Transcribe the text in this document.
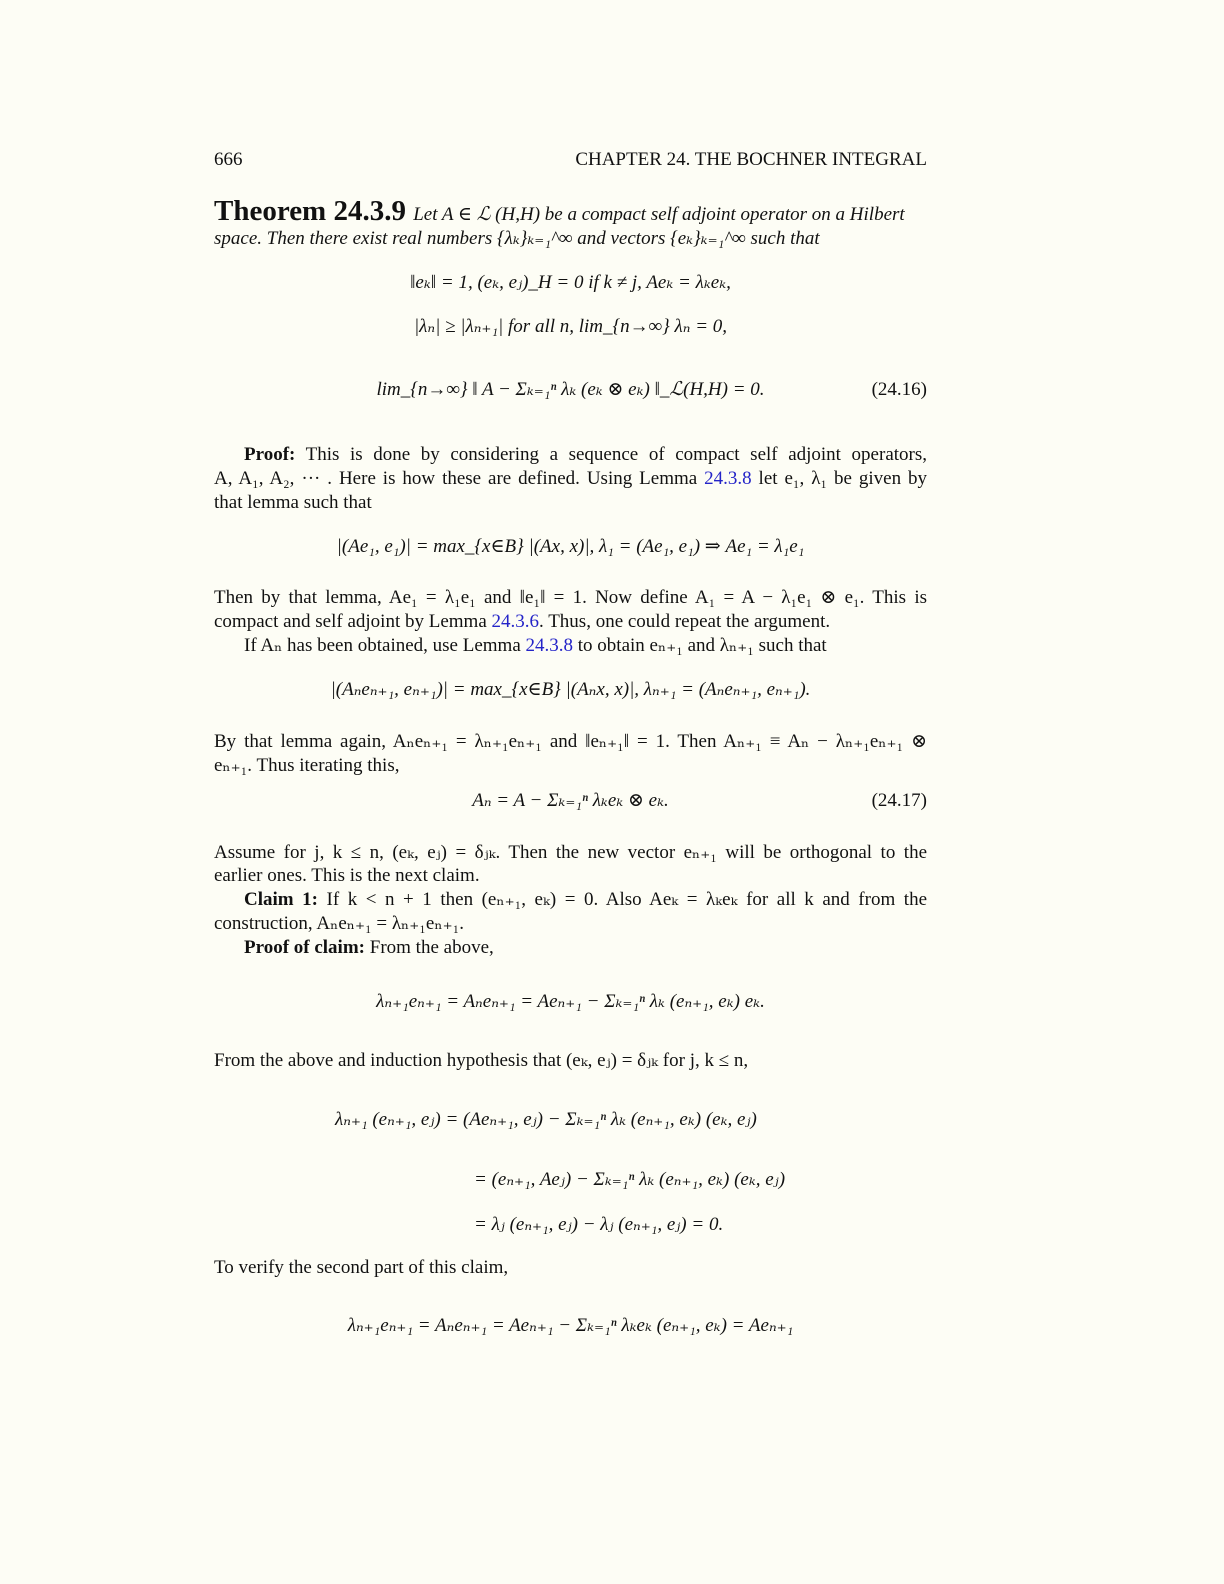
666	CHAPTER 24. THE BOCHNER INTEGRAL
Theorem 24.3.9 Let A ∈ ℒ (H,H) be a compact self adjoint operator on a Hilbert
space. Then there exist real numbers {λₖ}ₖ₌₁^∞ and vectors {eₖ}ₖ₌₁^∞ such that
‖eₖ‖ = 1, (eₖ, eⱼ)_H = 0 if k ≠ j, Aeₖ = λₖeₖ,
|λₙ| ≥ |λₙ₊₁| for all n, lim_{n→∞} λₙ = 0,
lim_{n→∞} ‖ A − Σₖ₌₁ⁿ λₖ (eₖ ⊗ eₖ) ‖_ℒ(H,H) = 0.	(24.16)
Proof: This is done by considering a sequence of compact self adjoint operators,
A, A₁, A₂, ··· . Here is how these are defined. Using Lemma 24.3.8 let e₁, λ₁ be given by
that lemma such that
|(Ae₁, e₁)| = max_{x∈B} |(Ax, x)|, λ₁ = (Ae₁, e₁) ⇒ Ae₁ = λ₁e₁
Then by that lemma, Ae₁ = λ₁e₁ and ‖e₁‖ = 1. Now define A₁ = A − λ₁e₁ ⊗ e₁. This is
compact and self adjoint by Lemma 24.3.6. Thus, one could repeat the argument.
If Aₙ has been obtained, use Lemma 24.3.8 to obtain eₙ₊₁ and λₙ₊₁ such that
|(Aₙeₙ₊₁, eₙ₊₁)| = max_{x∈B} |(Aₙx, x)|, λₙ₊₁ = (Aₙeₙ₊₁, eₙ₊₁).
By that lemma again, Aₙeₙ₊₁ = λₙ₊₁eₙ₊₁ and ‖eₙ₊₁‖ = 1. Then Aₙ₊₁ ≡ Aₙ − λₙ₊₁eₙ₊₁ ⊗
eₙ₊₁. Thus iterating this,
Aₙ = A − Σₖ₌₁ⁿ λₖeₖ ⊗ eₖ.	(24.17)
Assume for j, k ≤ n, (eₖ, eⱼ) = δⱼₖ. Then the new vector eₙ₊₁ will be orthogonal to the
earlier ones. This is the next claim.
Claim 1: If k < n + 1 then (eₙ₊₁, eₖ) = 0. Also Aeₖ = λₖeₖ for all k and from the
construction, Aₙeₙ₊₁ = λₙ₊₁eₙ₊₁.
Proof of claim: From the above,
λₙ₊₁eₙ₊₁ = Aₙeₙ₊₁ = Aeₙ₊₁ − Σₖ₌₁ⁿ λₖ (eₙ₊₁, eₖ) eₖ.
From the above and induction hypothesis that (eₖ, eⱼ) = δⱼₖ for j, k ≤ n,
λₙ₊₁ (eₙ₊₁, eⱼ) = (Aeₙ₊₁, eⱼ) − Σₖ₌₁ⁿ λₖ (eₙ₊₁, eₖ) (eₖ, eⱼ)
= (eₙ₊₁, Aeⱼ) − Σₖ₌₁ⁿ λₖ (eₙ₊₁, eₖ) (eₖ, eⱼ)
= λⱼ (eₙ₊₁, eⱼ) − λⱼ (eₙ₊₁, eⱼ) = 0.
To verify the second part of this claim,
λₙ₊₁eₙ₊₁ = Aₙeₙ₊₁ = Aeₙ₊₁ − Σₖ₌₁ⁿ λₖeₖ (eₙ₊₁, eₖ) = Aeₙ₊₁
